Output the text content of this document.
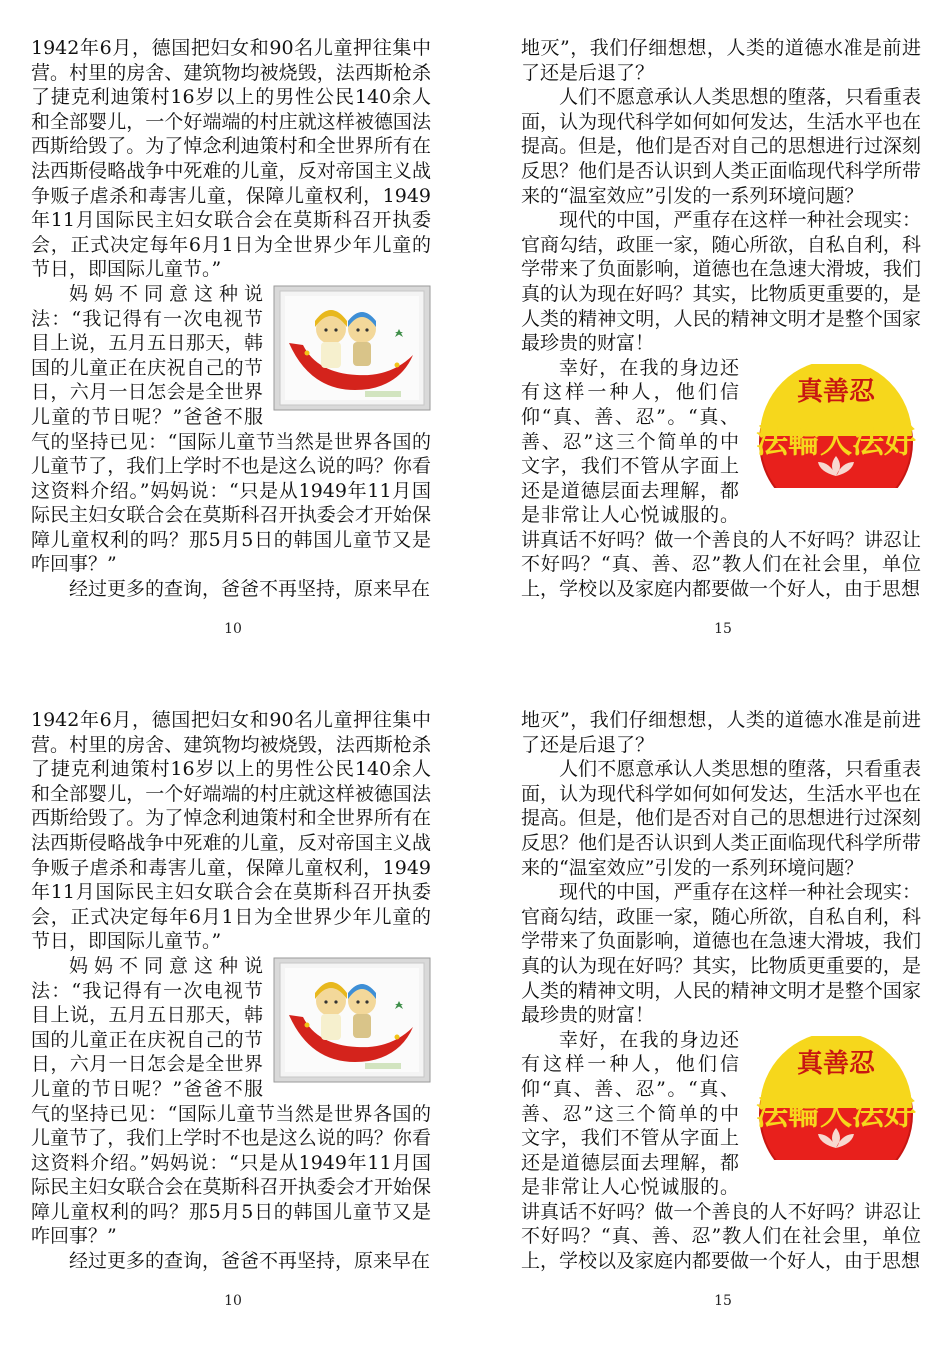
1942年6月，德国把妇女和90名儿童押往集中营。村里的房舍、建筑物均被烧毁，法西斯枪杀了捷克利迪策村16岁以上的男性公民140余人和全部婴儿，一个好端端的村庄就这样被德国法西斯给毁了。为了悼念利迪策村和全世界所有在法西斯侵略战争中死难的儿童，反对帝国主义战争贩子虐杀和毒害儿童，保障儿童权利，1949年11月国际民主妇女联合会在莫斯科召开执委会，正式决定每年6月1日为全世界少年儿童的节日，即国际儿童节。”

妈妈不同意这种说法：“我记得有一次电视节目上说，五月五日那天，韩国的儿童正在庆祝自己的节日，六月一日怎会是全世界儿童的节日呢？”爸爸不服气的坚持已见：“国际儿童节当然是世界各国的儿童节了，我们上学时不也是这么说的吗？你看这资料介绍。”妈妈说：“只是从1949年11月国际民主妇女联合会在莫斯科召开执委会才开始保障儿童权利的吗？那5月5日的韩国儿童节又是咋回事？”

经过更多的查询，爸爸不再坚持，原来早在

10

地灭”，我们仔细想想，人类的道德水准是前进了还是后退了？

人们不愿意承认人类思想的堕落，只看重表面，认为现代科学如何如何发达，生活水平也在提高。但是，他们是否对自己的思想进行过深刻反思？他们是否认识到人类正面临现代科学所带来的“温室效应”引发的一系列环境问题？

现代的中国，严重存在这样一种社会现实：官商勾结，政匪一家，随心所欲，自私自利，科学带来了负面影响，道德也在急速大滑坡，我们真的认为现在好吗？其实，比物质更重要的，是人类的精神文明，人民的精神文明才是整个国家最珍贵的财富！

真善忍
法輪大法好
幸好，在我的身边还有这样一种人，他们信仰“真、善、忍”。“真、善、忍”这三个简单的中文字，我们不管从字面上还是道德层面去理解，都是非常让人心悦诚服的。讲真话不好吗？做一个善良的人不好吗？讲忍让不好吗？“真、善、忍”教人们在社会里，单位上，学校以及家庭内都要做一个好人，由于思想

15

1942年6月，德国把妇女和90名儿童押往集中营。村里的房舍、建筑物均被烧毁，法西斯枪杀了捷克利迪策村16岁以上的男性公民140余人和全部婴儿，一个好端端的村庄就这样被德国法西斯给毁了。为了悼念利迪策村和全世界所有在法西斯侵略战争中死难的儿童，反对帝国主义战争贩子虐杀和毒害儿童，保障儿童权利，1949年11月国际民主妇女联合会在莫斯科召开执委会，正式决定每年6月1日为全世界少年儿童的节日，即国际儿童节。”

妈妈不同意这种说法：“我记得有一次电视节目上说，五月五日那天，韩国的儿童正在庆祝自己的节日，六月一日怎会是全世界儿童的节日呢？”爸爸不服气的坚持已见：“国际儿童节当然是世界各国的儿童节了，我们上学时不也是这么说的吗？你看这资料介绍。”妈妈说：“只是从1949年11月国际民主妇女联合会在莫斯科召开执委会才开始保障儿童权利的吗？那5月5日的韩国儿童节又是咋回事？”

经过更多的查询，爸爸不再坚持，原来早在

10

地灭”，我们仔细想想，人类的道德水准是前进了还是后退了？

人们不愿意承认人类思想的堕落，只看重表面，认为现代科学如何如何发达，生活水平也在提高。但是，他们是否对自己的思想进行过深刻反思？他们是否认识到人类正面临现代科学所带来的“温室效应”引发的一系列环境问题？

现代的中国，严重存在这样一种社会现实：官商勾结，政匪一家，随心所欲，自私自利，科学带来了负面影响，道德也在急速大滑坡，我们真的认为现在好吗？其实，比物质更重要的，是人类的精神文明，人民的精神文明才是整个国家最珍贵的财富！

真善忍
法輪大法好
幸好，在我的身边还有这样一种人，他们信仰“真、善、忍”。“真、善、忍”这三个简单的中文字，我们不管从字面上还是道德层面去理解，都是非常让人心悦诚服的。讲真话不好吗？做一个善良的人不好吗？讲忍让不好吗？“真、善、忍”教人们在社会里，单位上，学校以及家庭内都要做一个好人，由于思想

15
